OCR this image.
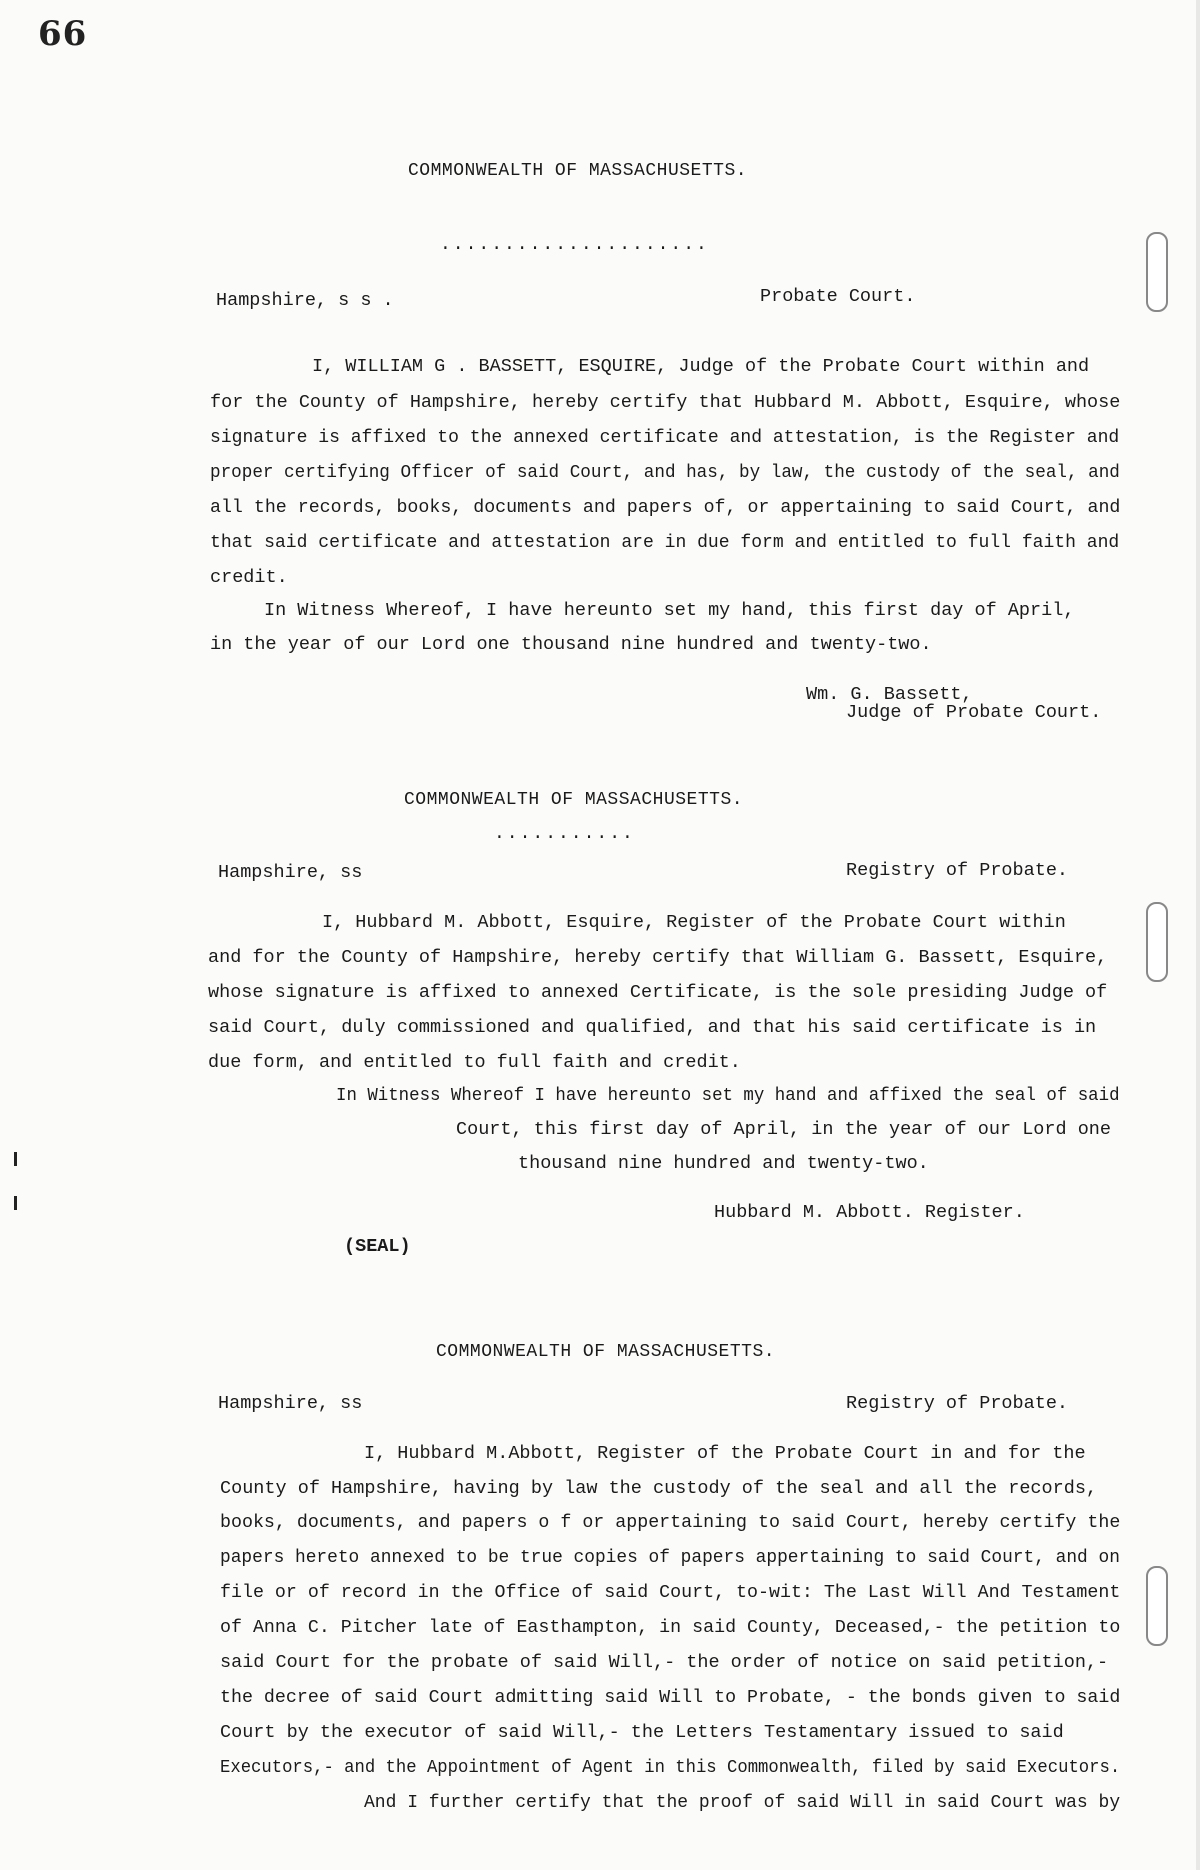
66
COMMONWEALTH OF MASSACHUSETTS.
.....................
Hampshire, s s .	Probate Court.
I, WILLIAM G . BASSETT, ESQUIRE, Judge of the Probate Court within and
for the County of Hampshire, hereby certify that Hubbard M. Abbott, Esquire, whose
signature is affixed to the annexed certificate and attestation, is the Register and
proper certifying Officer of said Court, and has, by law, the custody of the seal, and
all the records, books, documents and papers of, or appertaining to said Court, and
that said certificate and attestation are in due form and entitled to full faith and
credit.
In Witness Whereof, I have hereunto set my hand, this first day of April,
in the year of our Lord one thousand nine hundred and twenty-two.
Wm. G. Bassett,
Judge of Probate Court.
COMMONWEALTH OF MASSACHUSETTS.
...........
Hampshire, ss	Registry of Probate.
I, Hubbard M. Abbott, Esquire, Register of the Probate Court within
and for the County of Hampshire, hereby certify that William G. Bassett, Esquire,
whose signature is affixed to annexed Certificate, is the sole presiding Judge of
said Court, duly commissioned and qualified, and that his said certificate is in
due form, and entitled to full faith and credit.
In Witness Whereof I have hereunto set my hand and affixed the seal of said
Court, this first day of April, in the year of our Lord one
thousand nine hundred and twenty-two.
Hubbard M. Abbott. Register.
(SEAL)
COMMONWEALTH OF MASSACHUSETTS.
Hampshire, ss	Registry of Probate.
I, Hubbard M.Abbott, Register of the Probate Court in and for the
County of Hampshire, having by law the custody of the seal and all the records,
books, documents, and papers o f or appertaining to said Court, hereby certify the
papers hereto annexed to be true copies of papers appertaining to said Court, and on
file or of record in the Office of said Court, to-wit: The Last Will And Testament
of Anna C. Pitcher late of Easthampton, in said County, Deceased,- the petition to
said Court for the probate of said Will,- the order of notice on said petition,-
the decree of said Court admitting said Will to Probate, - the bonds given to said
Court by the executor of said Will,- the Letters Testamentary issued to said
Executors,- and the Appointment of Agent in this Commonwealth, filed by said Executors.
And I further certify that the proof of said Will in said Court was by
